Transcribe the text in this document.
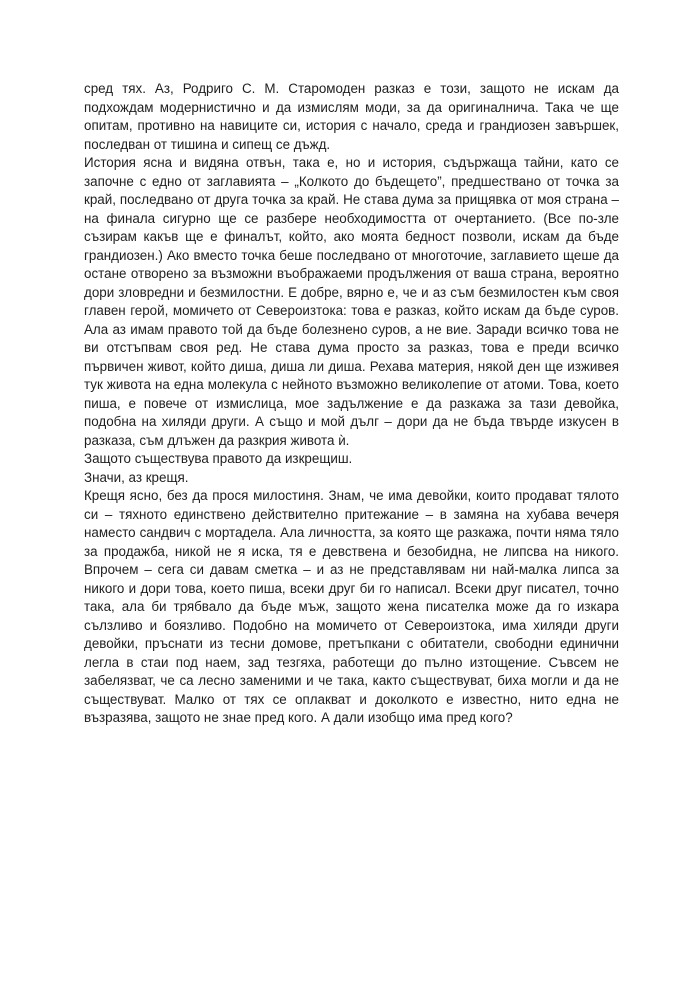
сред тях. Аз, Родриго С. М. Старомоден разказ е този, защото не искам да подхождам модернистично и да измислям моди, за да оригиналнича. Така че ще опитам, противно на навиците си, история с начало, среда и грандиозен завършек, последван от тишина и сипещ се дъжд.

История ясна и видяна отвън, така е, но и история, съдържаща тайни, като се започне с едно от заглавията – „Колкото до бъдещето”, предшествано от точка за край, последвано от друга точка за край. Не става дума за прищявка от моя страна – на финала сигурно ще се разбере необходимостта от очертанието. (Все по-зле съзирам какъв ще е финалът, който, ако моята бедност позволи, искам да бъде грандиозен.) Ако вместо точка беше последвано от многоточие, заглавието щеше да остане отворено за възможни въображаеми продължения от ваша страна, вероятно дори зловредни и безмилостни. Е добре, вярно е, че и аз съм безмилостен към своя главен герой, момичето от Североизтока: това е разказ, който искам да бъде суров. Ала аз имам правото той да бъде болезнено суров, а не вие. Заради всичко това не ви отстъпвам своя ред. Не става дума просто за разказ, това е преди всичко първичен живот, който диша, диша ли диша. Рехава материя, някой ден ще изживея тук живота на една молекула с нейното възможно великолепие от атоми. Това, което пиша, е повече от измислица, мое задължение е да разкажа за тази девойка, подобна на хиляди други. А също и мой дълг – дори да не бъда твърде изкусен в разказа, съм длъжен да разкрия живота ѝ.

Защото съществува правото да изкрещиш.

Значи, аз крещя.

Крещя ясно, без да прося милостиня. Знам, че има девойки, които продават тялото си – тяхното единствено действително притежание – в замяна на хубава вечеря наместо сандвич с мортадела. Ала личността, за която ще разкажа, почти няма тяло за продажба, никой не я иска, тя е девствена и безобидна, не липсва на никого. Впрочем – сега си давам сметка – и аз не представлявам ни най-малка липса за никого и дори това, което пиша, всеки друг би го написал. Всеки друг писател, точно така, ала би трябвало да бъде мъж, защото жена писателка може да го изкара сълзливо и боязливо. Подобно на момичето от Североизтока, има хиляди други девойки, пръснати из тесни домове, претъпкани с обитатели, свободни единични легла в стаи под наем, зад тезгяха, работещи до пълно изтощение. Съвсем не забелязват, че са лесно заменими и че така, както съществуват, биха могли и да не съществуват. Малко от тях се оплакват и доколкото е известно, нито една не възразява, защото не знае пред кого. А дали изобщо има пред кого?
